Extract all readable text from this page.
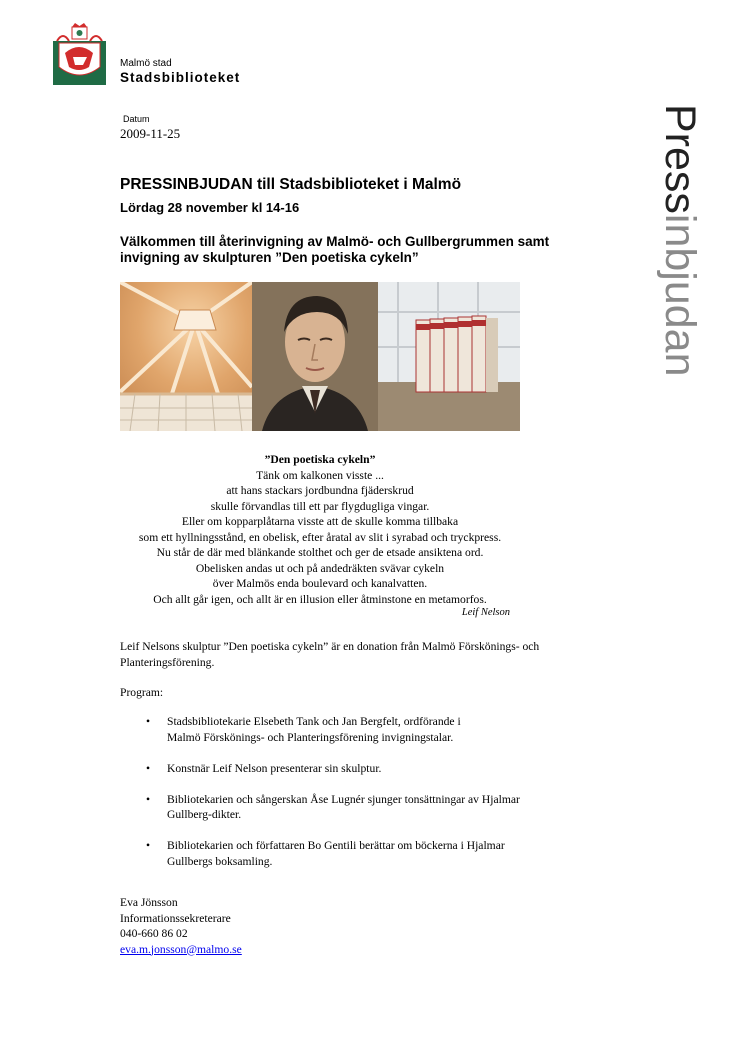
Malmö stad
Stadsbiblioteket
Pressinbjudan
Datum
2009-11-25
PRESSINBJUDAN till Stadsbiblioteket i Malmö
Lördag 28 november kl 14-16
Välkommen till återinvigning av Malmö- och Gullbergrummen samt invigning av skulpturen ”Den poetiska cykeln”
”Den poetiska cykeln”
Tänk om kalkonen visste ...
att hans stackars jordbundna fjäderskrud
skulle förvandlas till ett par flygdugliga vingar.
Eller om kopparplåtarna visste att de skulle komma tillbaka
som ett hyllningsstånd, en obelisk, efter åratal av slit i syrabad och tryckpress.
Nu står de där med blänkande stolthet och ger de etsade ansiktena ord.
Obelisken andas ut och på andedräkten svävar cykeln
över Malmös enda boulevard och kanalvatten.
Och allt går igen, och allt är en illusion eller åtminstone en metamorfos.
Leif Nelson
Leif Nelsons skulptur ”Den poetiska cykeln” är en donation från Malmö Förskönings- och Planteringsförening.
Program:
• Stadsbibliotekarie Elsebeth Tank och Jan Bergfelt, ordförande i
Malmö Förskönings- och Planteringsförening invigningstalar.
• Konstnär Leif Nelson presenterar sin skulptur.
• Bibliotekarien och sångerskan Åse Lugnér sjunger tonsättningar av Hjalmar
Gullberg-dikter.
• Bibliotekarien och författaren Bo Gentili berättar om böckerna i Hjalmar
Gullbergs boksamling.
Eva Jönsson
Informationssekreterare
040-660 86 02
eva.m.jonsson@malmo.se
